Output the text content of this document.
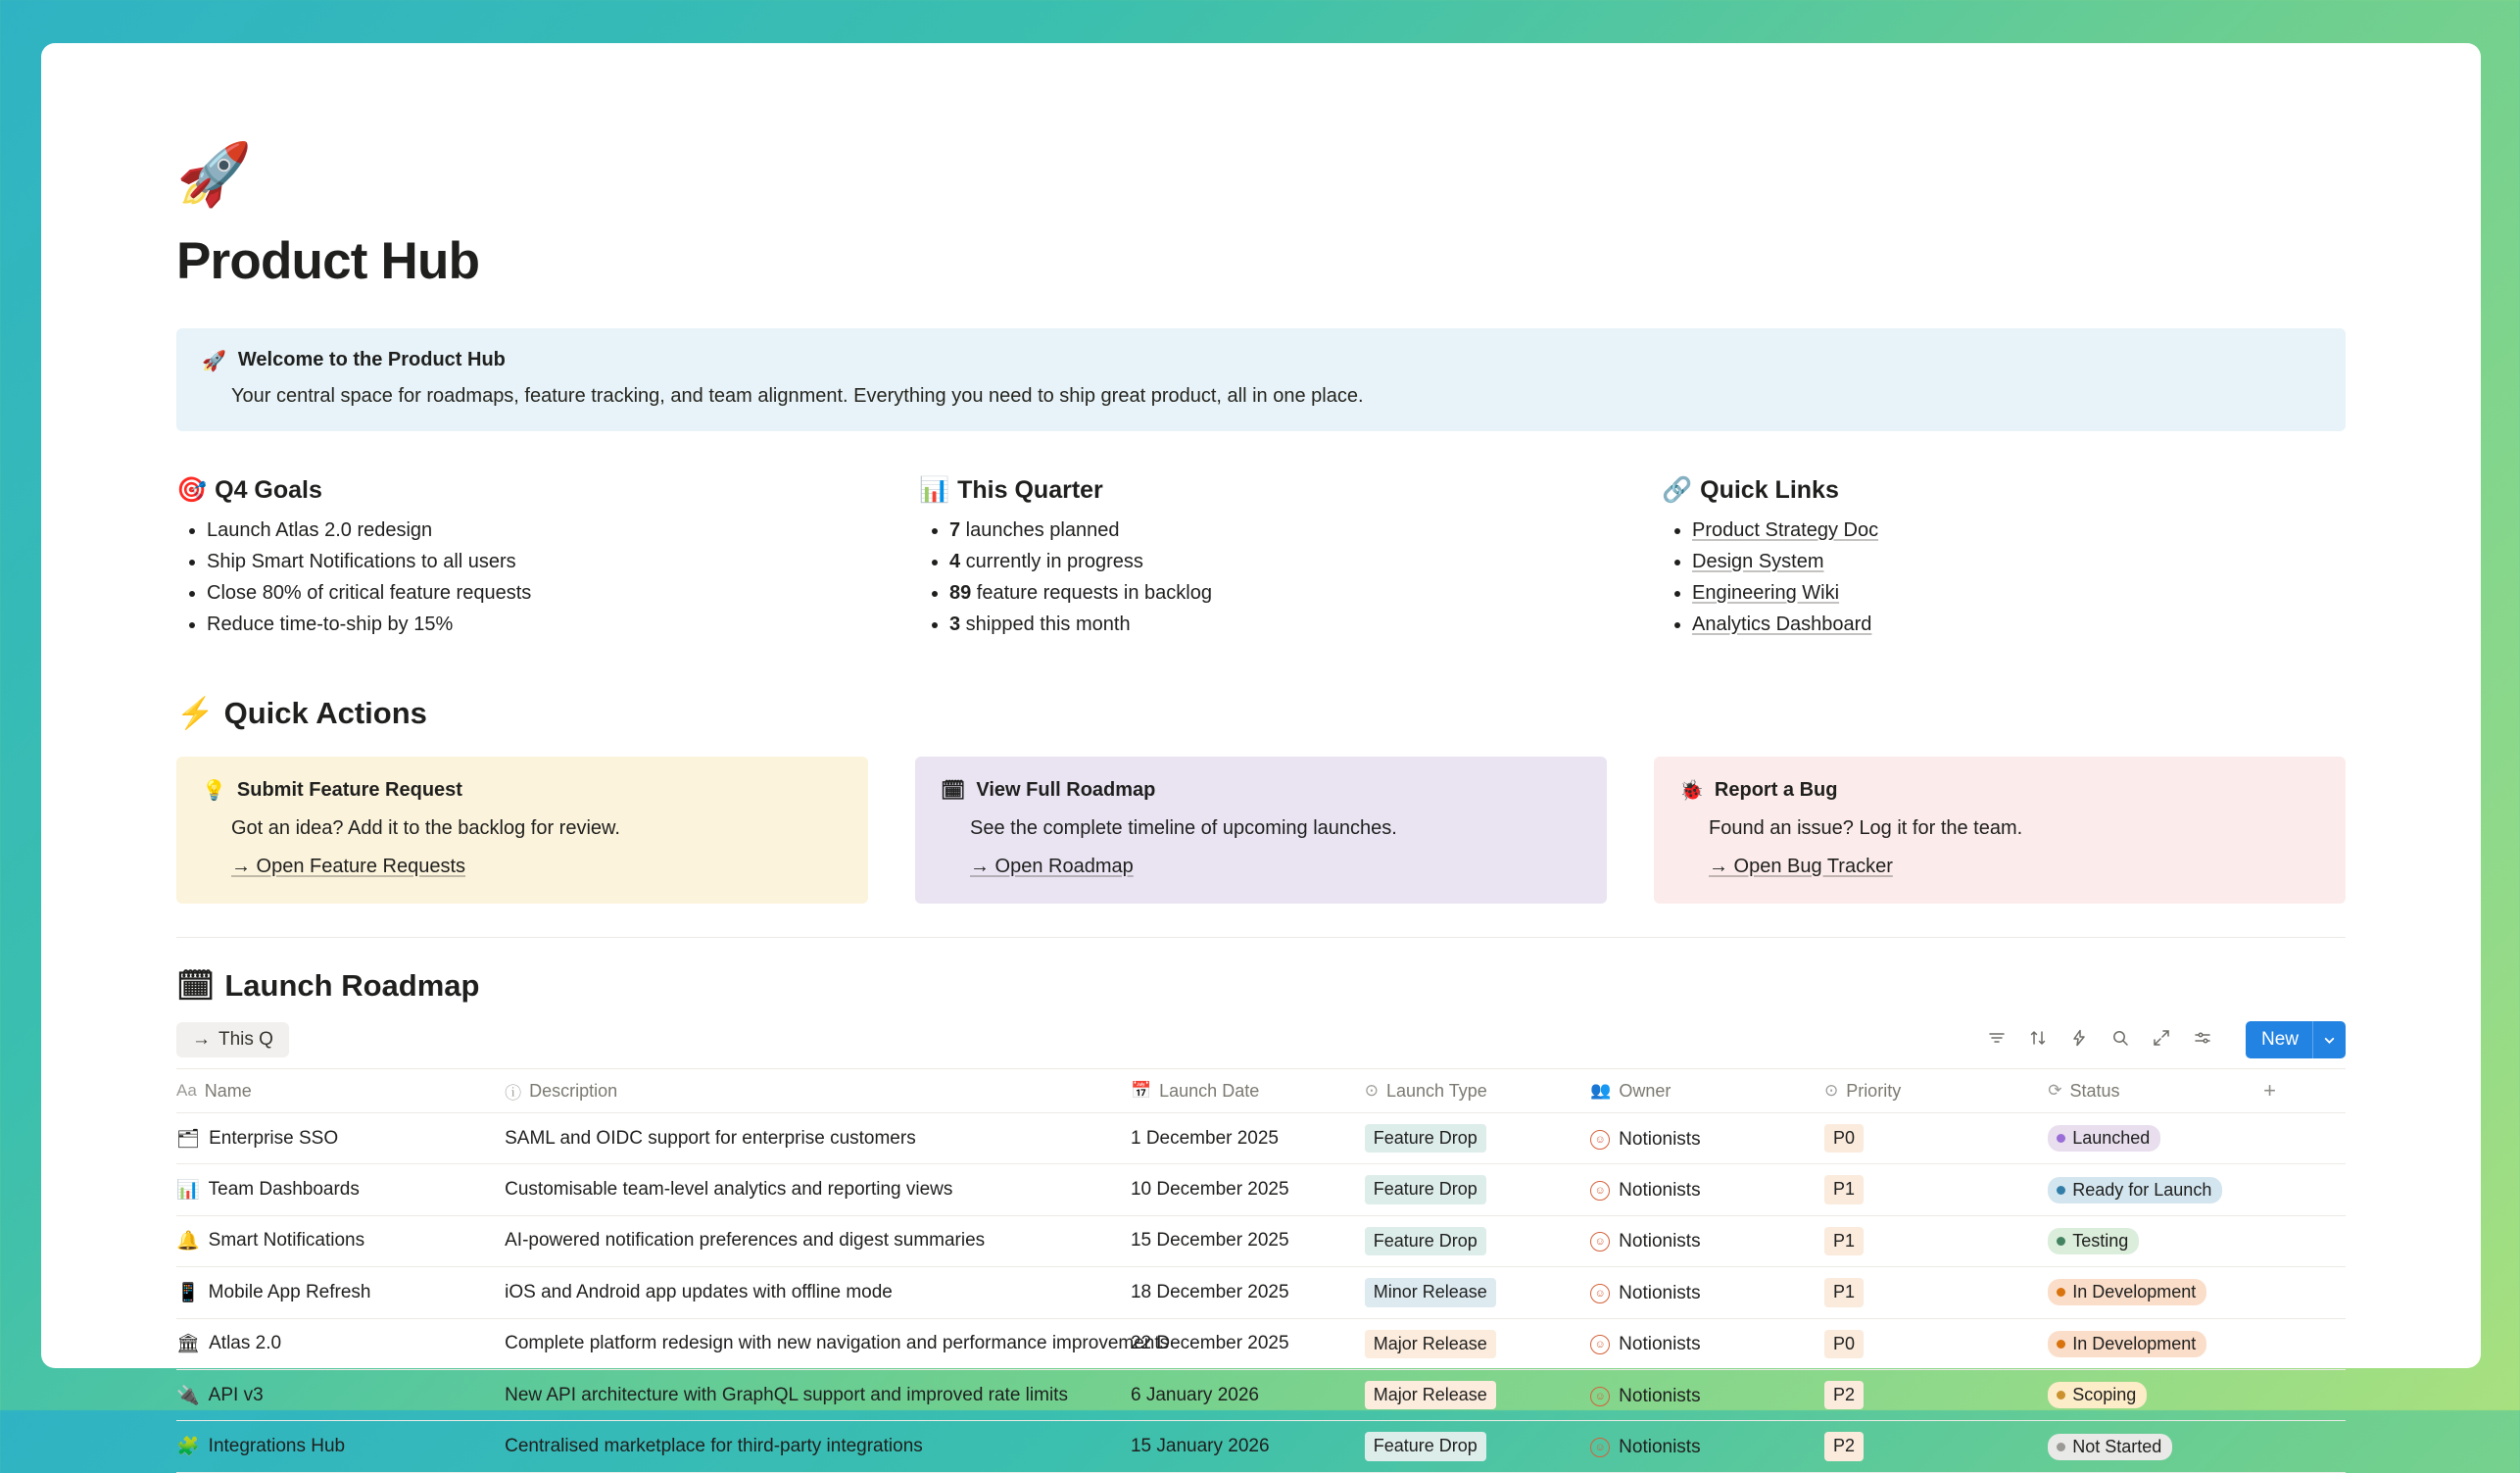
🚀
Product Hub
🚀 Welcome to the Product Hub
Your central space for roadmaps, feature tracking, and team alignment. Everything you need to ship great product, all in one place.
🎯 Q4 Goals
• Launch Atlas 2.0 redesign
• Ship Smart Notifications to all users
• Close 80% of critical feature requests
• Reduce time-to-ship by 15%
📊 This Quarter
• 7 launches planned
• 4 currently in progress
• 89 feature requests in backlog
• 3 shipped this month
🔗 Quick Links
• Product Strategy Doc
• Design System
• Engineering Wiki
• Analytics Dashboard
⚡ Quick Actions
💡 Submit Feature Request
Got an idea? Add it to the backlog for review.
→ Open Feature Requests
🗓 View Full Roadmap
See the complete timeline of upcoming launches.
→ Open Roadmap
🐞 Report a Bug
Found an issue? Log it for the team.
→ Open Bug Tracker
🗓 Launch Roadmap
→ This Q	New
Aa Name	ⓘ Description	📅 Launch Date	⊙ Launch Type	👥 Owner	⊙ Priority	⟳ Status	+

🗂 Enterprise SSO	SAML and OIDC support for enterprise customers	1 December 2025	Feature Drop	☺ Notionists	P0	Launched	

📊 Team Dashboards	Customisable team-level analytics and reporting views	10 December 2025	Feature Drop	☺ Notionists	P1	Ready for Launch	

🔔 Smart Notifications	AI-powered notification preferences and digest summaries	15 December 2025	Feature Drop	☺ Notionists	P1	Testing	

📱 Mobile App Refresh	iOS and Android app updates with offline mode	18 December 2025	Minor Release	☺ Notionists	P1	In Development	

🏛 Atlas 2.0	Complete platform redesign with new navigation and performance improvements	22 December 2025	Major Release	☺ Notionists	P0	In Development	

🔌 API v3	New API architecture with GraphQL support and improved rate limits	6 January 2026	Major Release	☺ Notionists	P2	Scoping	

🧩 Integrations Hub	Centralised marketplace for third-party integrations	15 January 2026	Feature Drop	☺ Notionists	P2	Not Started	
